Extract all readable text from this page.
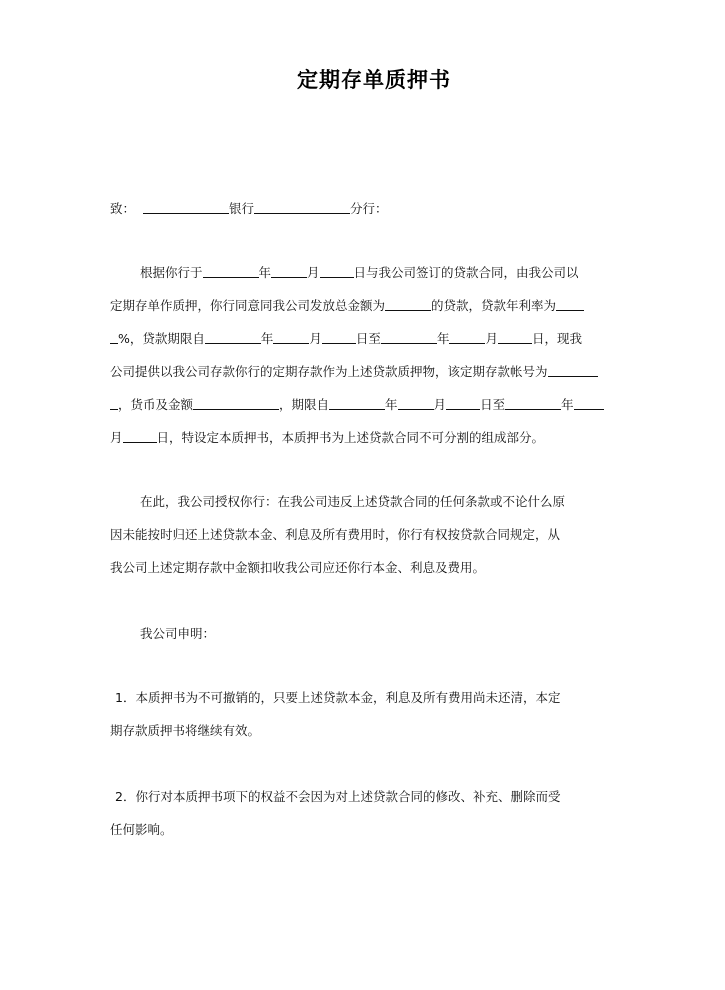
定期存单质押书
致：	银行	分行：
根据你行于	年	月	日与我公司签订的贷款合同，由我公司以
定期存单作质押，你行同意同我公司发放总金额为	的贷款，贷款年利率为
%，贷款期限自	年	月	日至	年	月	日，现我
公司提供以我公司存款你行的定期存款作为上述贷款质押物，该定期存款帐号为
，货币及金额	，期限自	年	月	日至	年
月	日，特设定本质押书，本质押书为上述贷款合同不可分割的组成部分。
在此，我公司授权你行：在我公司违反上述贷款合同的任何条款或不论什么原
因未能按时归还上述贷款本金、利息及所有费用时，你行有权按贷款合同规定，从
我公司上述定期存款中金额扣收我公司应还你行本金、利息及费用。
我公司申明：
1．本质押书为不可撤销的，只要上述贷款本金，利息及所有费用尚未还清，本定
期存款质押书将继续有效。
2．你行对本质押书项下的权益不会因为对上述贷款合同的修改、补充、删除而受
任何影响。
